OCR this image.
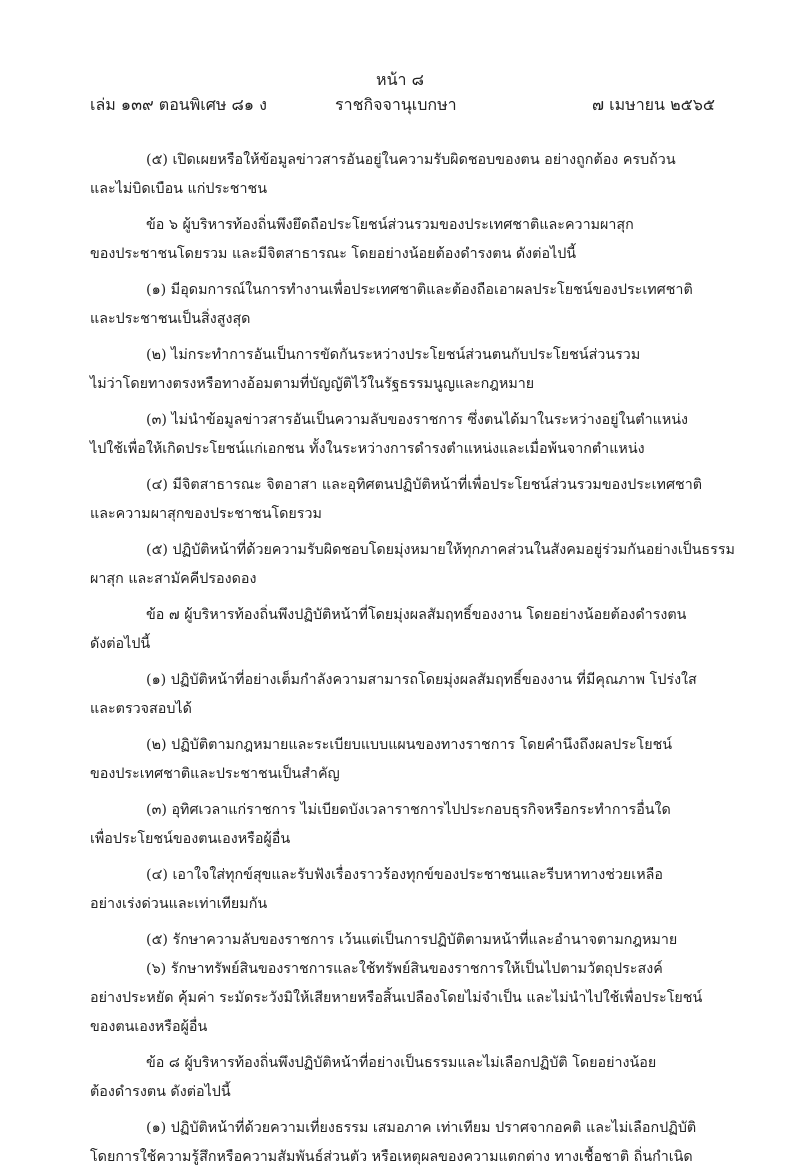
หน้า ๘
เล่ม ๑๓๙ ตอนพิเศษ ๘๑ ง	ราชกิจจานุเบกษา	๗ เมษายน ๒๕๖๕
(๕) เปิดเผยหรือให้ข้อมูลข่าวสารอันอยู่ในความรับผิดชอบของตน อย่างถูกต้อง ครบถ้วน
และไม่บิดเบือน แก่ประชาชน
ข้อ ๖ ผู้บริหารท้องถิ่นพึงยึดถือประโยชน์ส่วนรวมของประเทศชาติและความผาสุก
ของประชาชนโดยรวม และมีจิตสาธารณะ โดยอย่างน้อยต้องดำรงตน ดังต่อไปนี้
(๑) มีอุดมการณ์ในการทำงานเพื่อประเทศชาติและต้องถือเอาผลประโยชน์ของประเทศชาติ
และประชาชนเป็นสิ่งสูงสุด
(๒) ไม่กระทำการอันเป็นการขัดกันระหว่างประโยชน์ส่วนตนกับประโยชน์ส่วนรวม
ไม่ว่าโดยทางตรงหรือทางอ้อมตามที่บัญญัติไว้ในรัฐธรรมนูญและกฎหมาย
(๓) ไม่นำข้อมูลข่าวสารอันเป็นความลับของราชการ ซึ่งตนได้มาในระหว่างอยู่ในตำแหน่ง
ไปใช้เพื่อให้เกิดประโยชน์แก่เอกชน ทั้งในระหว่างการดำรงตำแหน่งและเมื่อพ้นจากตำแหน่ง
(๔) มีจิตสาธารณะ จิตอาสา และอุทิศตนปฏิบัติหน้าที่เพื่อประโยชน์ส่วนรวมของประเทศชาติ
และความผาสุกของประชาชนโดยรวม
(๕) ปฏิบัติหน้าที่ด้วยความรับผิดชอบโดยมุ่งหมายให้ทุกภาคส่วนในสังคมอยู่ร่วมกันอย่างเป็นธรรม
ผาสุก และสามัคคีปรองดอง
ข้อ ๗ ผู้บริหารท้องถิ่นพึงปฏิบัติหน้าที่โดยมุ่งผลสัมฤทธิ์ของงาน โดยอย่างน้อยต้องดำรงตน
ดังต่อไปนี้
(๑) ปฏิบัติหน้าที่อย่างเต็มกำลังความสามารถโดยมุ่งผลสัมฤทธิ์ของงาน ที่มีคุณภาพ โปร่งใส
และตรวจสอบได้
(๒) ปฏิบัติตามกฎหมายและระเบียบแบบแผนของทางราชการ โดยคำนึงถึงผลประโยชน์
ของประเทศชาติและประชาชนเป็นสำคัญ
(๓) อุทิศเวลาแก่ราชการ ไม่เบียดบังเวลาราชการไปประกอบธุรกิจหรือกระทำการอื่นใด
เพื่อประโยชน์ของตนเองหรือผู้อื่น
(๔) เอาใจใส่ทุกข์สุขและรับฟังเรื่องราวร้องทุกข์ของประชาชนและรีบหาทางช่วยเหลือ
อย่างเร่งด่วนและเท่าเทียมกัน
(๕) รักษาความลับของราชการ เว้นแต่เป็นการปฏิบัติตามหน้าที่และอำนาจตามกฎหมาย
(๖) รักษาทรัพย์สินของราชการและใช้ทรัพย์สินของราชการให้เป็นไปตามวัตถุประสงค์
อย่างประหยัด คุ้มค่า ระมัดระวังมิให้เสียหายหรือสิ้นเปลืองโดยไม่จำเป็น และไม่นำไปใช้เพื่อประโยชน์
ของตนเองหรือผู้อื่น
ข้อ ๘ ผู้บริหารท้องถิ่นพึงปฏิบัติหน้าที่อย่างเป็นธรรมและไม่เลือกปฏิบัติ โดยอย่างน้อย
ต้องดำรงตน ดังต่อไปนี้
(๑) ปฏิบัติหน้าที่ด้วยความเที่ยงธรรม เสมอภาค เท่าเทียม ปราศจากอคติ และไม่เลือกปฏิบัติ
โดยการใช้ความรู้สึกหรือความสัมพันธ์ส่วนตัว หรือเหตุผลของความแตกต่าง ทางเชื้อชาติ ถิ่นกำเนิด
